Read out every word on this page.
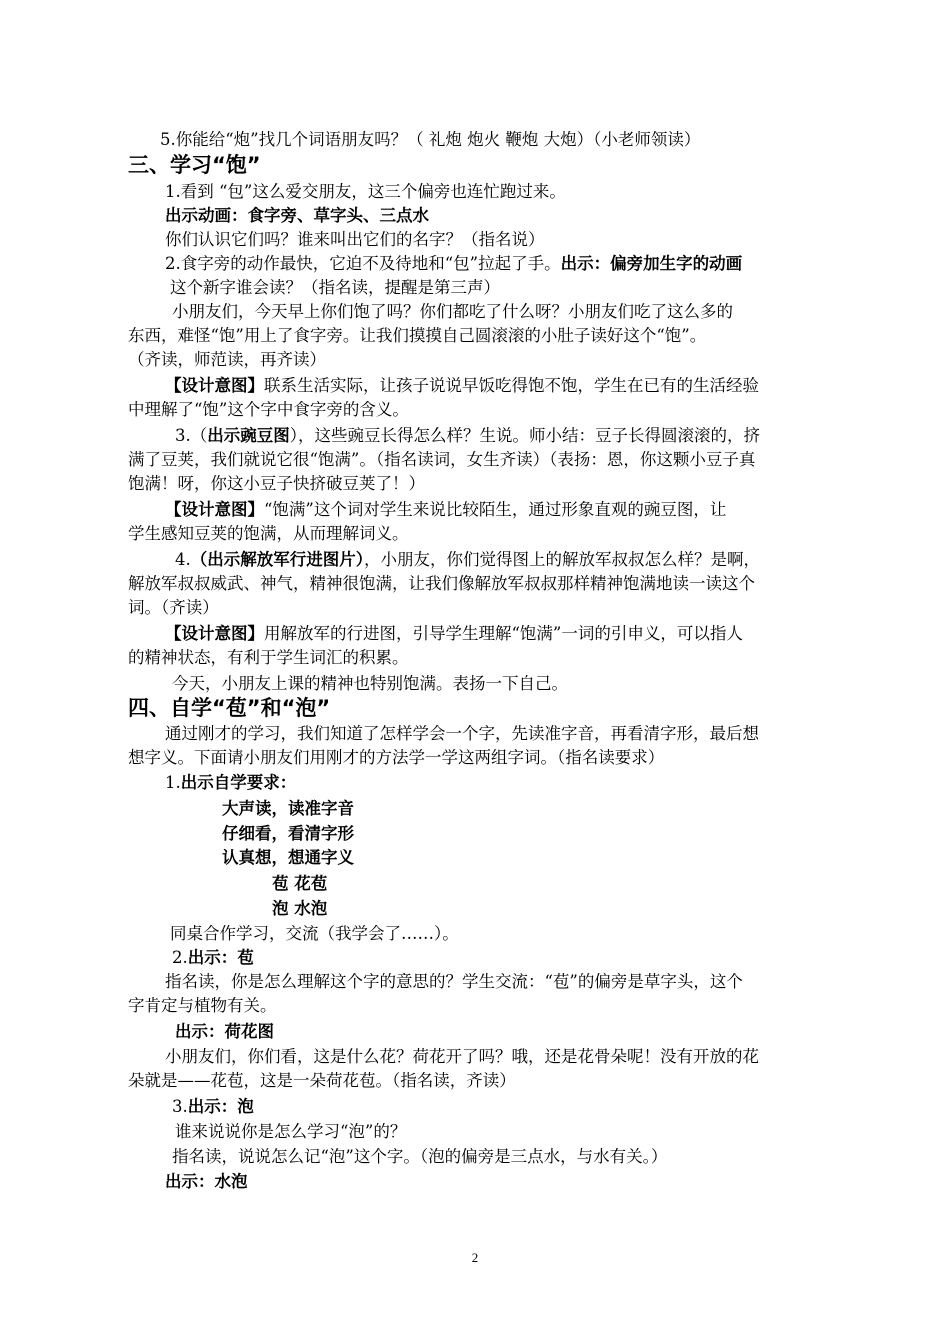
5.你能给“炮”找几个词语朋友吗？（ 礼炮 炮火 鞭炮 大炮）（小老师领读）
三、学习“饱”
1.看到 “包”这么爱交朋友，这三个偏旁也连忙跑过来。
出示动画：食字旁、草字头、三点水
你们认识它们吗？谁来叫出它们的名字？（指名说）
2.食字旁的动作最快，它迫不及待地和“包”拉起了手。出示：偏旁加生字的动画
这个新字谁会读？（指名读，提醒是第三声）
小朋友们，今天早上你们饱了吗？你们都吃了什么呀？小朋友们吃了这么多的
东西，难怪“饱”用上了食字旁。让我们摸摸自己圆滚滚的小肚子读好这个“饱”。
（齐读，师范读，再齐读）
【设计意图】联系生活实际，让孩子说说早饭吃得饱不饱，学生在已有的生活经验
中理解了“饱”这个字中食字旁的含义。
3.（出示豌豆图），这些豌豆长得怎么样？生说。师小结：豆子长得圆滚滚的，挤
满了豆荚，我们就说它很“饱满”。（指名读词，女生齐读）（表扬：恩，你这颗小豆子真
饱满！呀，你这小豆子快挤破豆荚了！）
【设计意图】“饱满”这个词对学生来说比较陌生，通过形象直观的豌豆图，让
学生感知豆荚的饱满，从而理解词义。
4.（出示解放军行进图片），小朋友，你们觉得图上的解放军叔叔怎么样？是啊，
解放军叔叔威武、神气，精神很饱满，让我们像解放军叔叔那样精神饱满地读一读这个
词。（齐读）
【设计意图】用解放军的行进图，引导学生理解“饱满”一词的引申义，可以指人
的精神状态，有利于学生词汇的积累。
今天，小朋友上课的精神也特别饱满。表扬一下自己。
四、自学“苞”和“泡”
通过刚才的学习，我们知道了怎样学会一个字，先读准字音，再看清字形，最后想
想字义。下面请小朋友们用刚才的方法学一学这两组字词。（指名读要求）
1.出示自学要求：
大声读，读准字音
仔细看，看清字形
认真想，想通字义
苞 花苞
泡 水泡
同桌合作学习，交流（我学会了……）。
2.出示：苞
指名读，你是怎么理解这个字的意思的？学生交流：“苞”的偏旁是草字头，这个
字肯定与植物有关。
出示：荷花图
小朋友们，你们看，这是什么花？荷花开了吗？哦，还是花骨朵呢！没有开放的花
朵就是——花苞，这是一朵荷花苞。（指名读，齐读）
3.出示：泡
谁来说说你是怎么学习“泡”的？
指名读，说说怎么记“泡”这个字。（泡的偏旁是三点水，与水有关。）
出示：水泡
2
